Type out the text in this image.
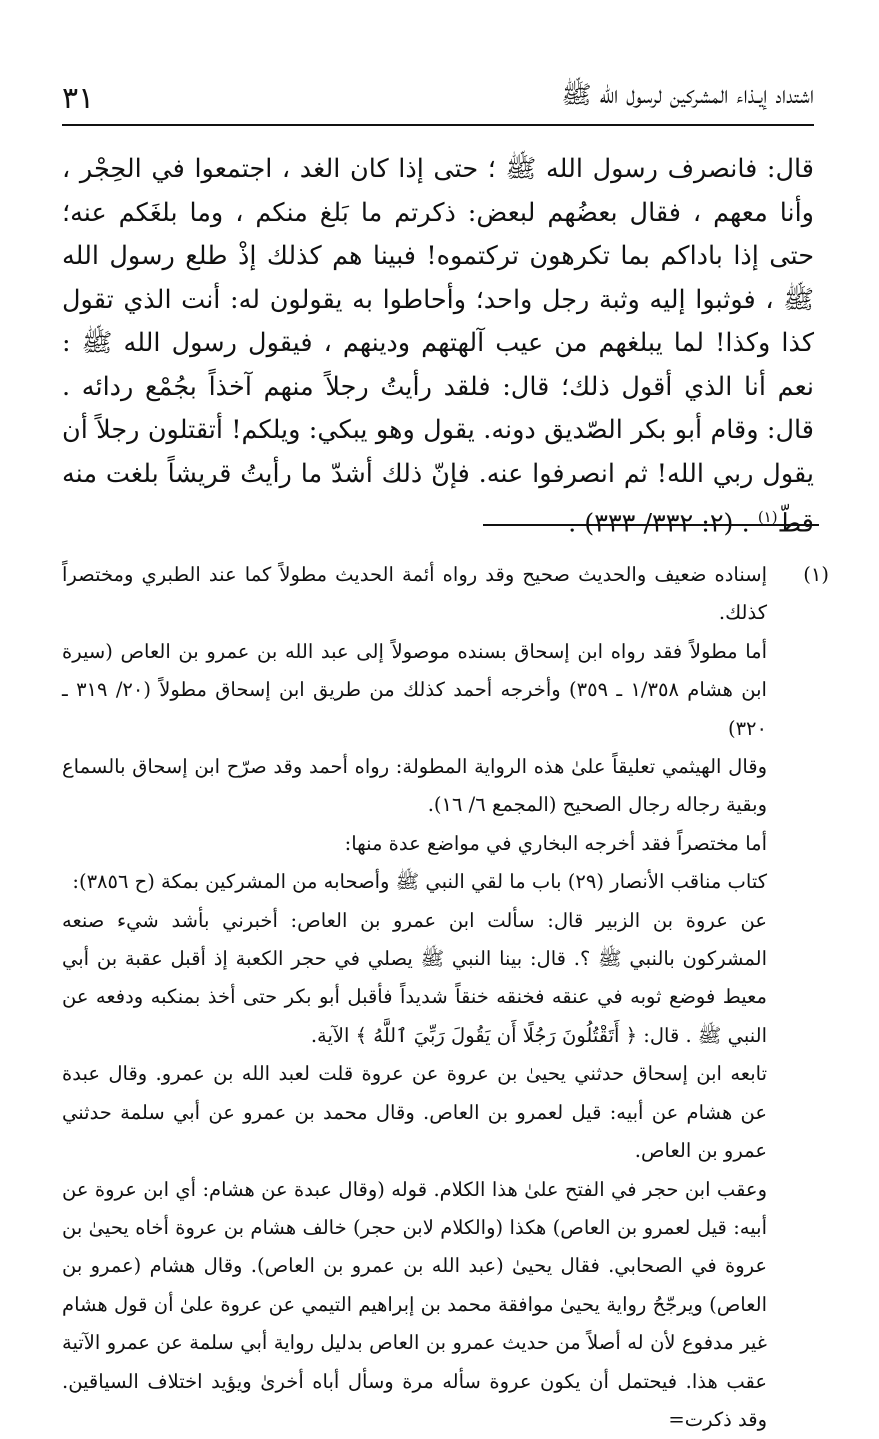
اشتداد إيـذاء المشركين لرسول الله ﷺ
٣١

قال: فانصرف رسول الله ﷺ ؛ حتى إذا كان الغد ، اجتمعوا في الحِجْر ، وأنا معهم ، فقال بعضُهم لبعض: ذكرتم ما بَلغ منكم ، وما بلغَكم عنه؛ حتى إذا باداكم بما تكرهون تركتموه! فبينا هم كذلك إذْ طلع رسول الله ﷺ ، فوثبوا إليه وثبة رجل واحد؛ وأحاطوا به يقولون له: أنت الذي تقول كذا وكذا! لما يبلغهم من عيب آلهتهم ودينهم ، فيقول رسول الله ﷺ : نعم أنا الذي أقول ذلك؛ قال: فلقد رأيتُ رجلاً منهم آخذاً بجُمْع ردائه . قال: وقام أبو بكر الصّديق دونه. يقول وهو يبكي: ويلكم! أتقتلون رجلاً أن يقول ربي الله! ثم انصرفوا عنه. فإنّ ذلك أشدّ ما رأيتُ قريشاً بلغت منه قطّ$^{(١)}$ . (٢: ٣٣٢/ ٣٣٣) .

(١)

إسناده ضعيف والحديث صحيح وقد رواه أئمة الحديث مطولاً كما عند الطبري ومختصراً كذلك.

أما مطولاً فقد رواه ابن إسحاق بسنده موصولاً إلى عبد الله بن عمرو بن العاص (سيرة ابن هشام ١/٣٥٨ ـ ٣٥٩) وأخرجه أحمد كذلك من طريق ابن إسحاق مطولاً (٢٠/ ٣١٩ ـ ٣٢٠)

وقال الهيثمي تعليقاً علىٰ هذه الرواية المطولة: رواه أحمد وقد صرّح ابن إسحاق بالسماع وبقية رجاله رجال الصحيح (المجمع ٦/ ١٦).

أما مختصراً فقد أخرجه البخاري في مواضع عدة منها:

كتاب مناقب الأنصار (٢٩) باب ما لقي النبي ﷺ وأصحابه من المشركين بمكة (ح ٣٨٥٦):

عن عروة بن الزبير قال: سألت ابن عمرو بن العاص: أخبرني بأشد شيء صنعه المشركون بالنبي ﷺ ؟. قال: بينا النبي ﷺ يصلي في حجر الكعبة إذ أقبل عقبة بن أبي معيط فوضع ثوبه في عنقه فخنقه خنقاً شديداً فأقبل أبو بكر حتى أخذ بمنكبه ودفعه عن النبي ﷺ . قال: ﴿ أَتَقْتُلُونَ رَجُلًا أَن يَقُولَ رَبِّيَ ٱللَّهُ ﴾ الآية.

تابعه ابن إسحاق حدثني يحيىٰ بن عروة عن عروة قلت لعبد الله بن عمرو. وقال عبدة عن هشام عن أبيه: قيل لعمرو بن العاص. وقال محمد بن عمرو عن أبي سلمة حدثني عمرو بن العاص.

وعقب ابن حجر في الفتح علىٰ هذا الكلام. قوله (وقال عبدة عن هشام: أي ابن عروة عن أبيه: قيل لعمرو بن العاص) هكذا (والكلام لابن حجر) خالف هشام بن عروة أخاه يحيىٰ بن عروة في الصحابي. فقال يحيىٰ (عبد الله بن عمرو بن العاص). وقال هشام (عمرو بن العاص) ويرجّحُ رواية يحيىٰ موافقة محمد بن إبراهيم التيمي عن عروة علىٰ أن قول هشام غير مدفوع لأن له أصلاً من حديث عمرو بن العاص بدليل رواية أبي سلمة عن عمرو الآتية عقب هذا. فيحتمل أن يكون عروة سأله مرة وسأل أباه أخرىٰ ويؤيد اختلاف السياقين. وقد ذكرت=
